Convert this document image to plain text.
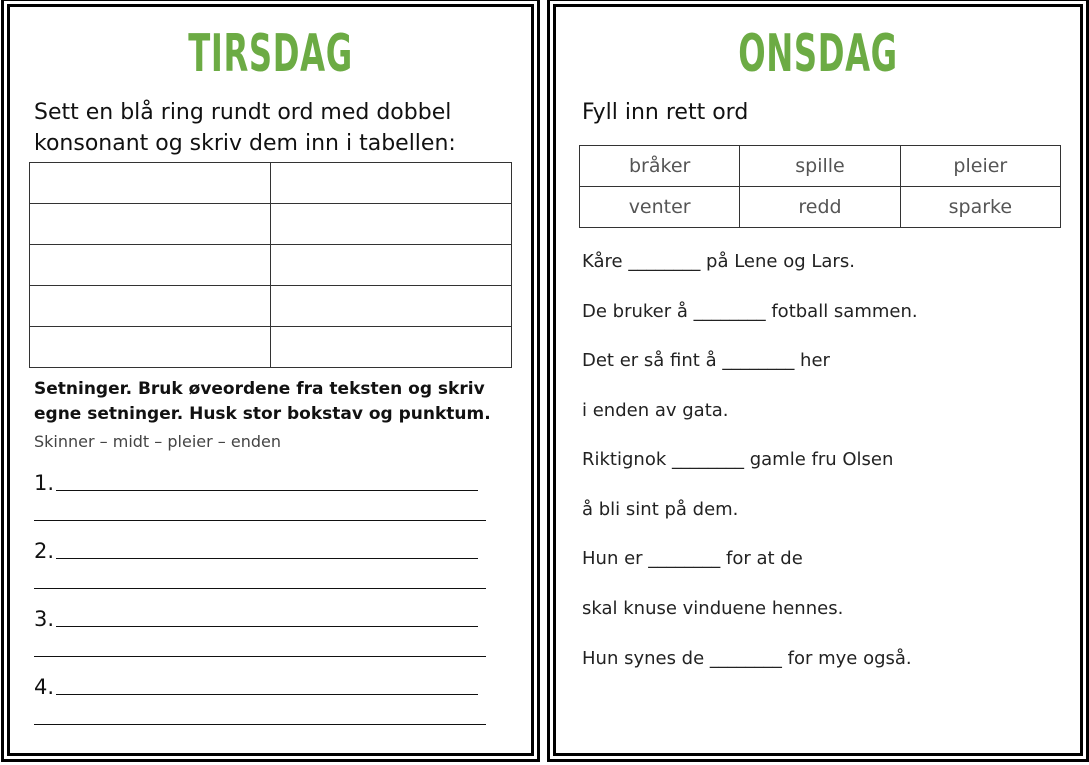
TIRSDAG
Sett en blå ring rundt ord med dobbel konsonant og skriv dem inn i tabellen:

Setninger. Bruk øveordene fra teksten og skriv egne setninger. Husk stor bokstav og punktum.
Skinner – midt – pleier – enden
1.
2.
3.
4.
ONSDAG
Fyll inn rett ord
bråker	spille	pleier
venter	redd	sparke
Kåre ________ på Lene og Lars.
De bruker å ________ fotball sammen.
Det er så fint å ________ her
i enden av gata.
Riktignok ________ gamle fru Olsen
å bli sint på dem.
Hun er ________ for at de
skal knuse vinduene hennes.
Hun synes de ________ for mye også.
